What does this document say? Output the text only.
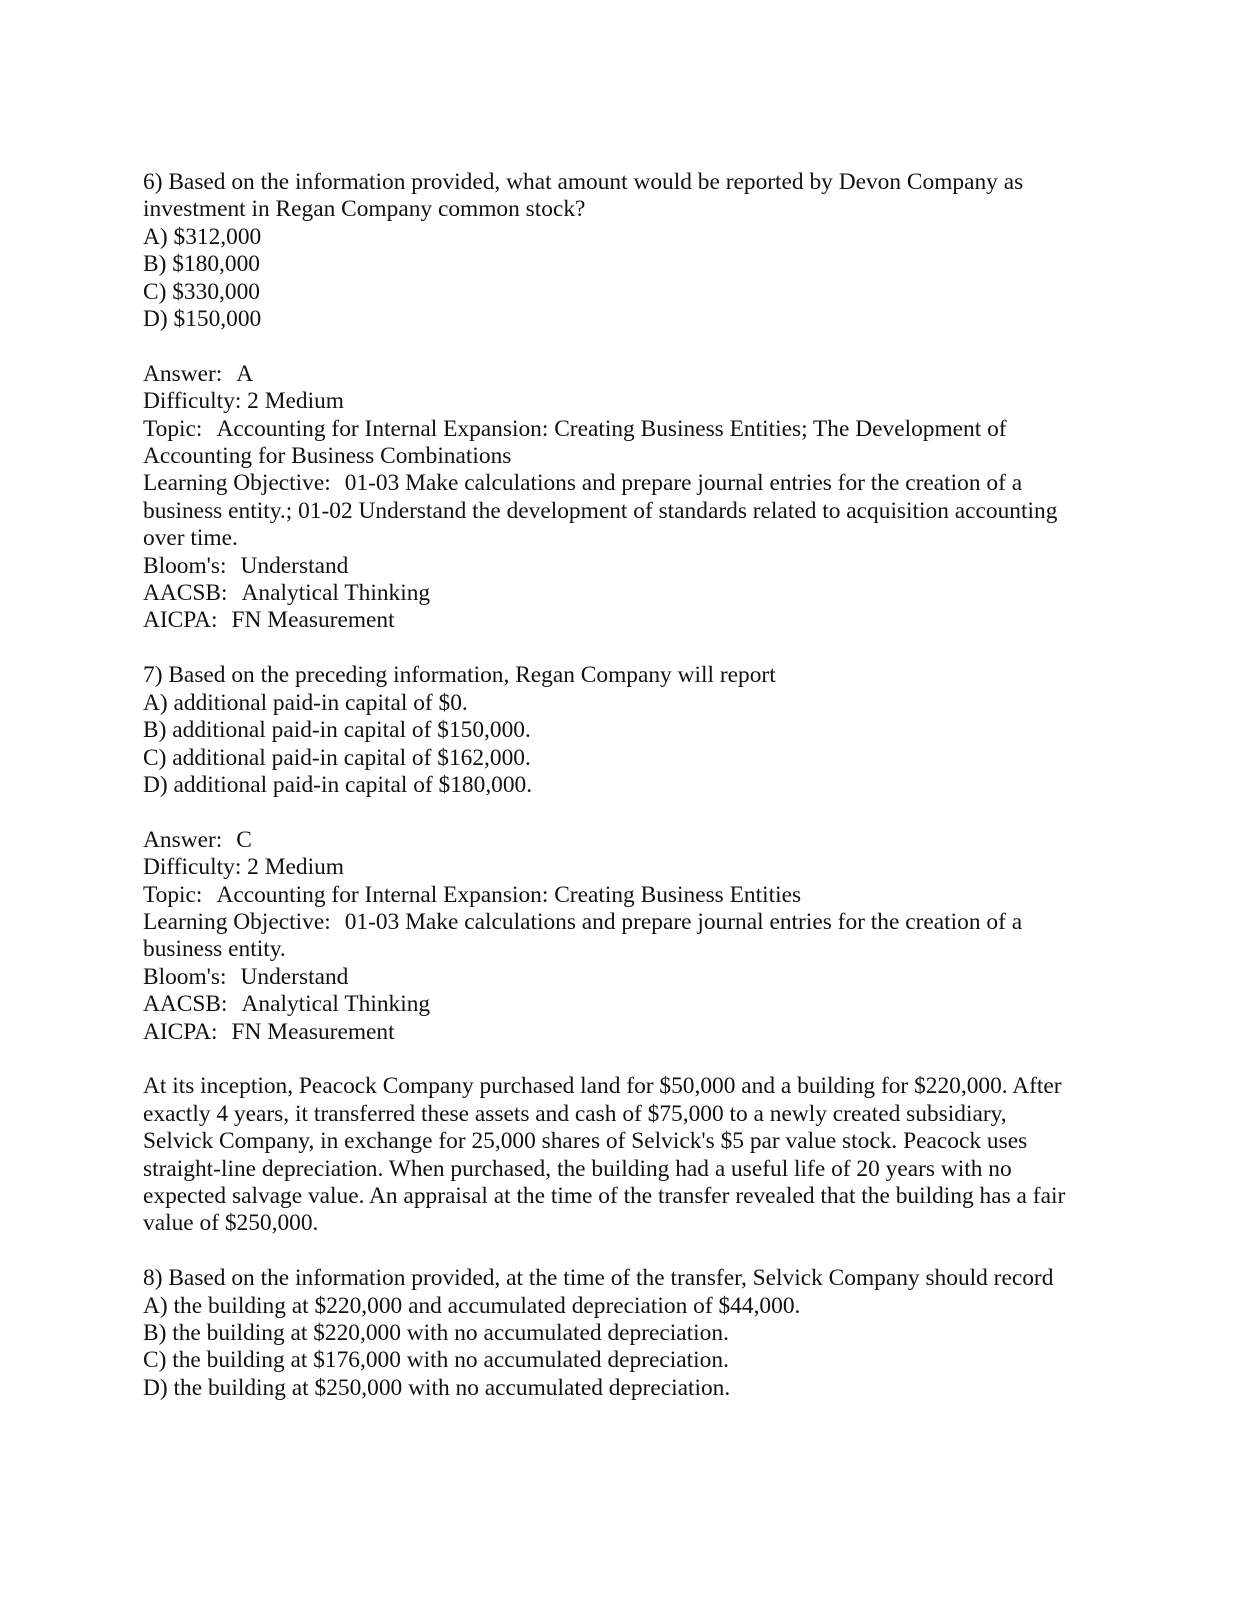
6) Based on the information provided, what amount would be reported by Devon Company as
investment in Regan Company common stock?
A) $312,000
B) $180,000
C) $330,000
D) $150,000
Answer: A
Difficulty: 2 Medium
Topic: Accounting for Internal Expansion: Creating Business Entities; The Development of
Accounting for Business Combinations
Learning Objective: 01-03 Make calculations and prepare journal entries for the creation of a
business entity.; 01-02 Understand the development of standards related to acquisition accounting
over time.
Bloom's: Understand
AACSB: Analytical Thinking
AICPA: FN Measurement
7) Based on the preceding information, Regan Company will report
A) additional paid-in capital of $0.
B) additional paid-in capital of $150,000.
C) additional paid-in capital of $162,000.
D) additional paid-in capital of $180,000.
Answer: C
Difficulty: 2 Medium
Topic: Accounting for Internal Expansion: Creating Business Entities
Learning Objective: 01-03 Make calculations and prepare journal entries for the creation of a
business entity.
Bloom's: Understand
AACSB: Analytical Thinking
AICPA: FN Measurement
At its inception, Peacock Company purchased land for $50,000 and a building for $220,000. After
exactly 4 years, it transferred these assets and cash of $75,000 to a newly created subsidiary,
Selvick Company, in exchange for 25,000 shares of Selvick's $5 par value stock. Peacock uses
straight-line depreciation. When purchased, the building had a useful life of 20 years with no
expected salvage value. An appraisal at the time of the transfer revealed that the building has a fair
value of $250,000.
8) Based on the information provided, at the time of the transfer, Selvick Company should record
A) the building at $220,000 and accumulated depreciation of $44,000.
B) the building at $220,000 with no accumulated depreciation.
C) the building at $176,000 with no accumulated depreciation.
D) the building at $250,000 with no accumulated depreciation.
